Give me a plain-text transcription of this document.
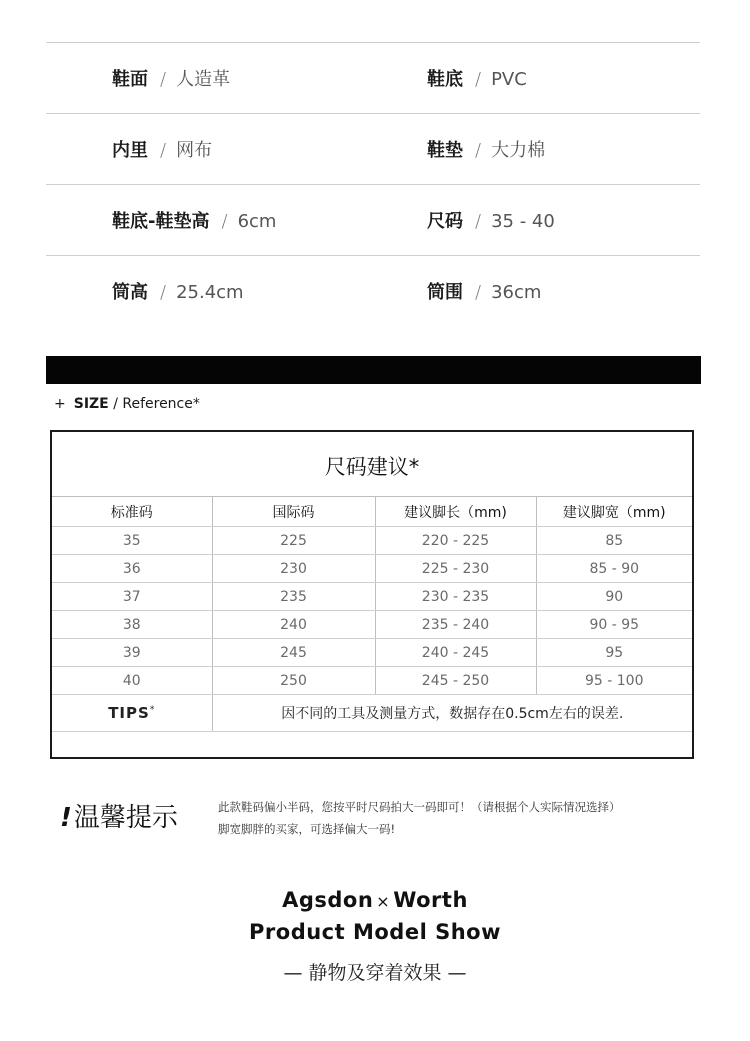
鞋面 / 人造革	鞋底 / PVC
内里 / 网布	鞋垫 / 大力棉
鞋底-鞋垫高 / 6cm	尺码 / 35 - 40
筒高 / 25.4cm	筒围 / 36cm
+ SIZE / Reference*
尺码建议*
标准码	国际码	建议脚长（mm)	建议脚宽（mm)
35	225	220 - 225	85
36	230	225 - 230	85 - 90
37	235	230 - 235	90
38	240	235 - 240	90 - 95
39	245	240 - 245	95
40	250	245 - 250	95 - 100
TIPS*	因不同的工具及测量方式，数据存在0.5cm左右的误差.		

!温馨提示	此款鞋码偏小半码，您按平时尺码拍大一码即可！（请根据个人实际情况选择）
脚宽脚胖的买家，可选择偏大一码!
Agsdon × Worth
Product Model Show
— 静物及穿着效果 —
